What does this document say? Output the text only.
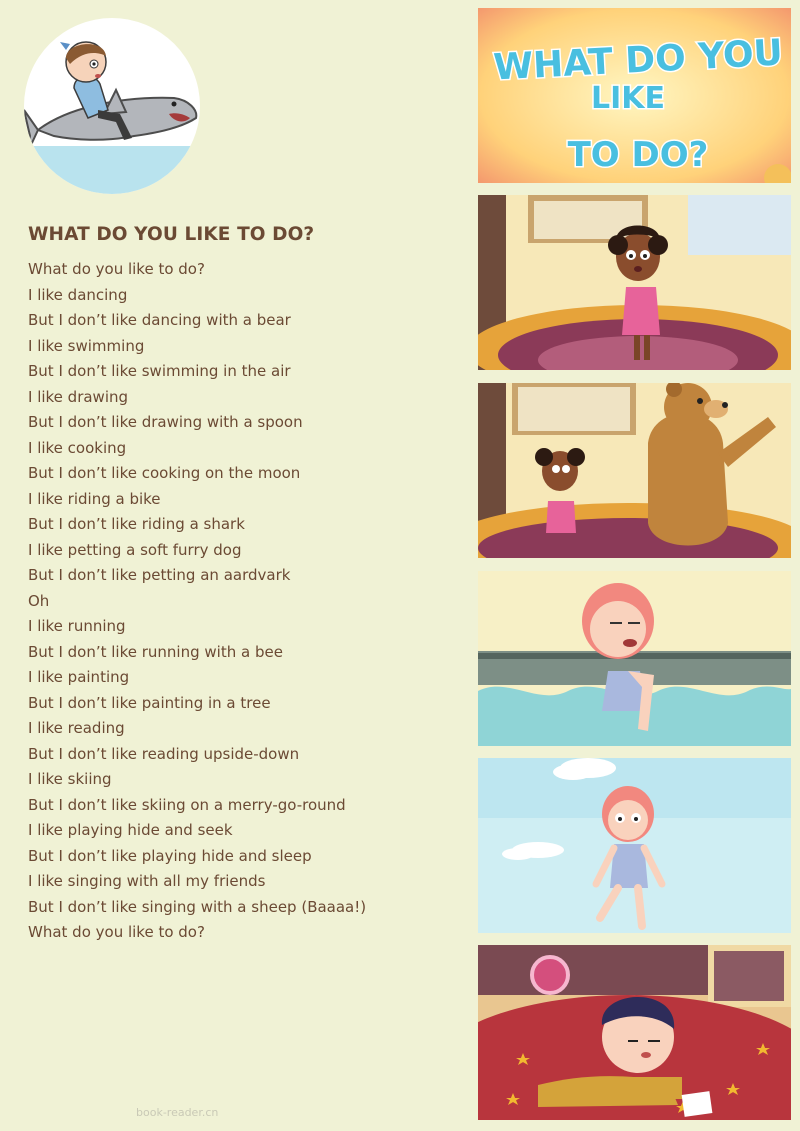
WHAT DO YOU LIKE TO DO?
What do you like to do?
I like dancing
But I don’t like dancing with a bear
I like swimming
But I don’t like swimming in the air
I like drawing
But I don’t like drawing with a spoon
I like cooking
But I don’t like cooking on the moon
I like riding a bike
But I don’t like riding a shark
I like petting a soft furry dog
But I don’t like petting an aardvark
Oh
I like running
But I don’t like running with a bee
I like painting
But I don’t like painting in a tree
I like reading
But I don’t like reading upside-down
I like skiing
But I don’t like skiing on a merry-go-round
I like playing hide and seek
But I don’t like playing hide and sleep
I like singing with all my friends
But I don’t like singing with a sheep (Baaaa!)
What do you like to do?
book-reader.cn
WHAT DO YOU
LIKE
TO DO?
